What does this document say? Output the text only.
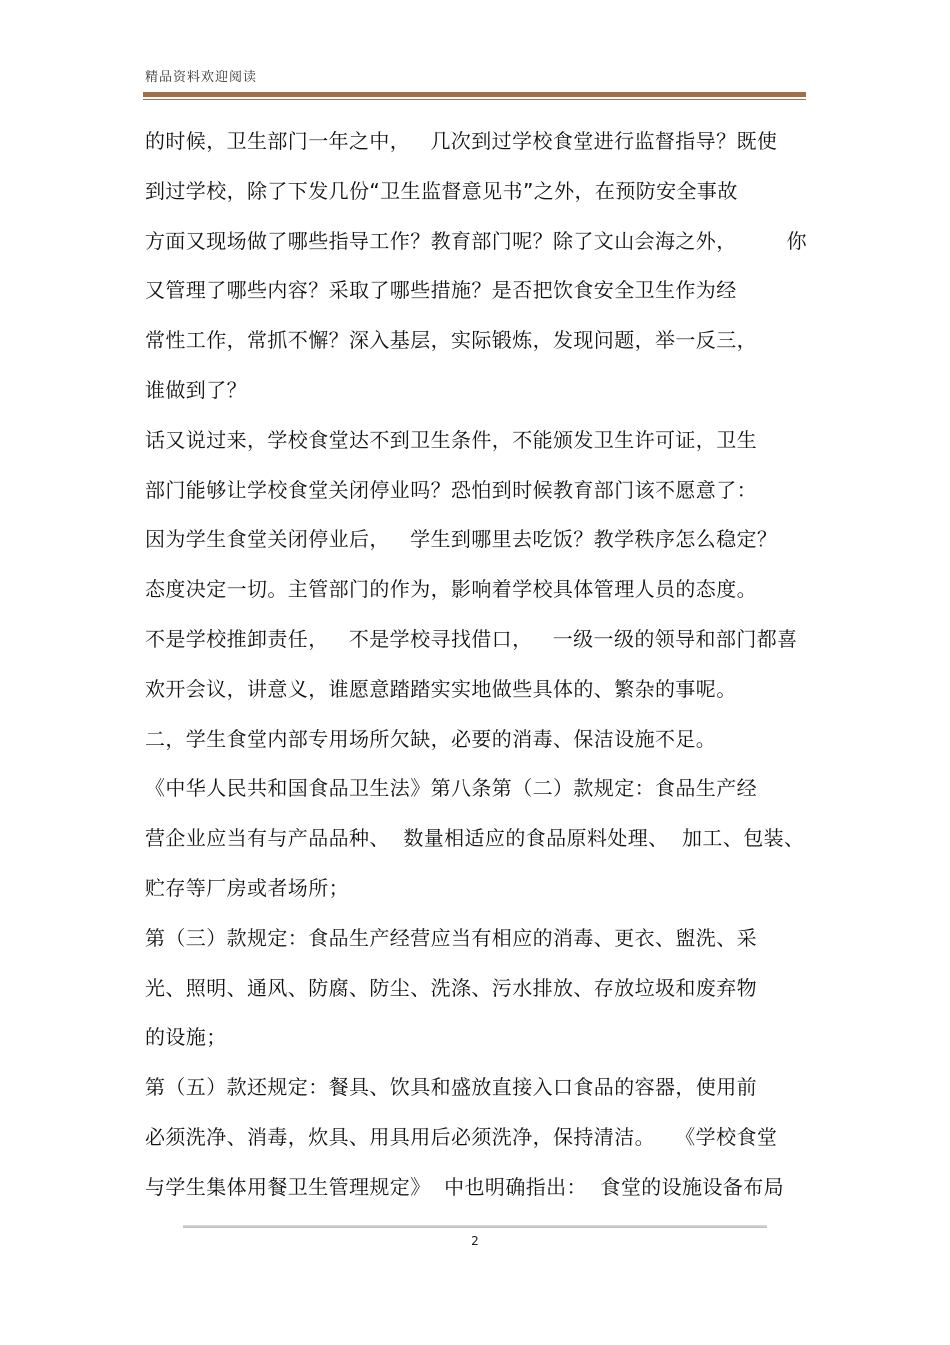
精品资料欢迎阅读
的时候，卫生部门一年之中，   几次到过学校食堂进行监督指导？既使
到过学校，除了下发几份“卫生监督意见书”之外，在预防安全事故
方面又现场做了哪些指导工作？教育部门呢？除了文山会海之外， 你
又管理了哪些内容？采取了哪些措施？是否把饮食安全卫生作为经
常性工作，常抓不懈？深入基层，实际锻炼，发现问题，举一反三，
谁做到了？
话又说过来，学校食堂达不到卫生条件，不能颁发卫生许可证，卫生
部门能够让学校食堂关闭停业吗？恐怕到时候教育部门该不愿意了：
因为学生食堂关闭停业后，   学生到哪里去吃饭？教学秩序怎么稳定？
态度决定一切。主管部门的作为，影响着学校具体管理人员的态度。
不是学校推卸责任，   不是学校寻找借口，   一级一级的领导和部门都喜
欢开会议，讲意义，谁愿意踏踏实实地做些具体的、繁杂的事呢。
二，学生食堂内部专用场所欠缺，必要的消毒、保洁设施不足。
《中华人民共和国食品卫生法》第八条第（二）款规定：食品生产经
营企业应当有与产品品种、  数量相适应的食品原料处理、  加工、包装、
贮存等厂房或者场所；
第（三）款规定：食品生产经营应当有相应的消毒、更衣、盥洗、采
光、照明、通风、防腐、防尘、洗涤、污水排放、存放垃圾和废弃物
的设施；
第（五）款还规定：餐具、饮具和盛放直接入口食品的容器，使用前
必须洗净、消毒，炊具、用具用后必须洗净，保持清洁。   《学校食堂
与学生集体用餐卫生管理规定》  中也明确指出：  食堂的设施设备布局
2
